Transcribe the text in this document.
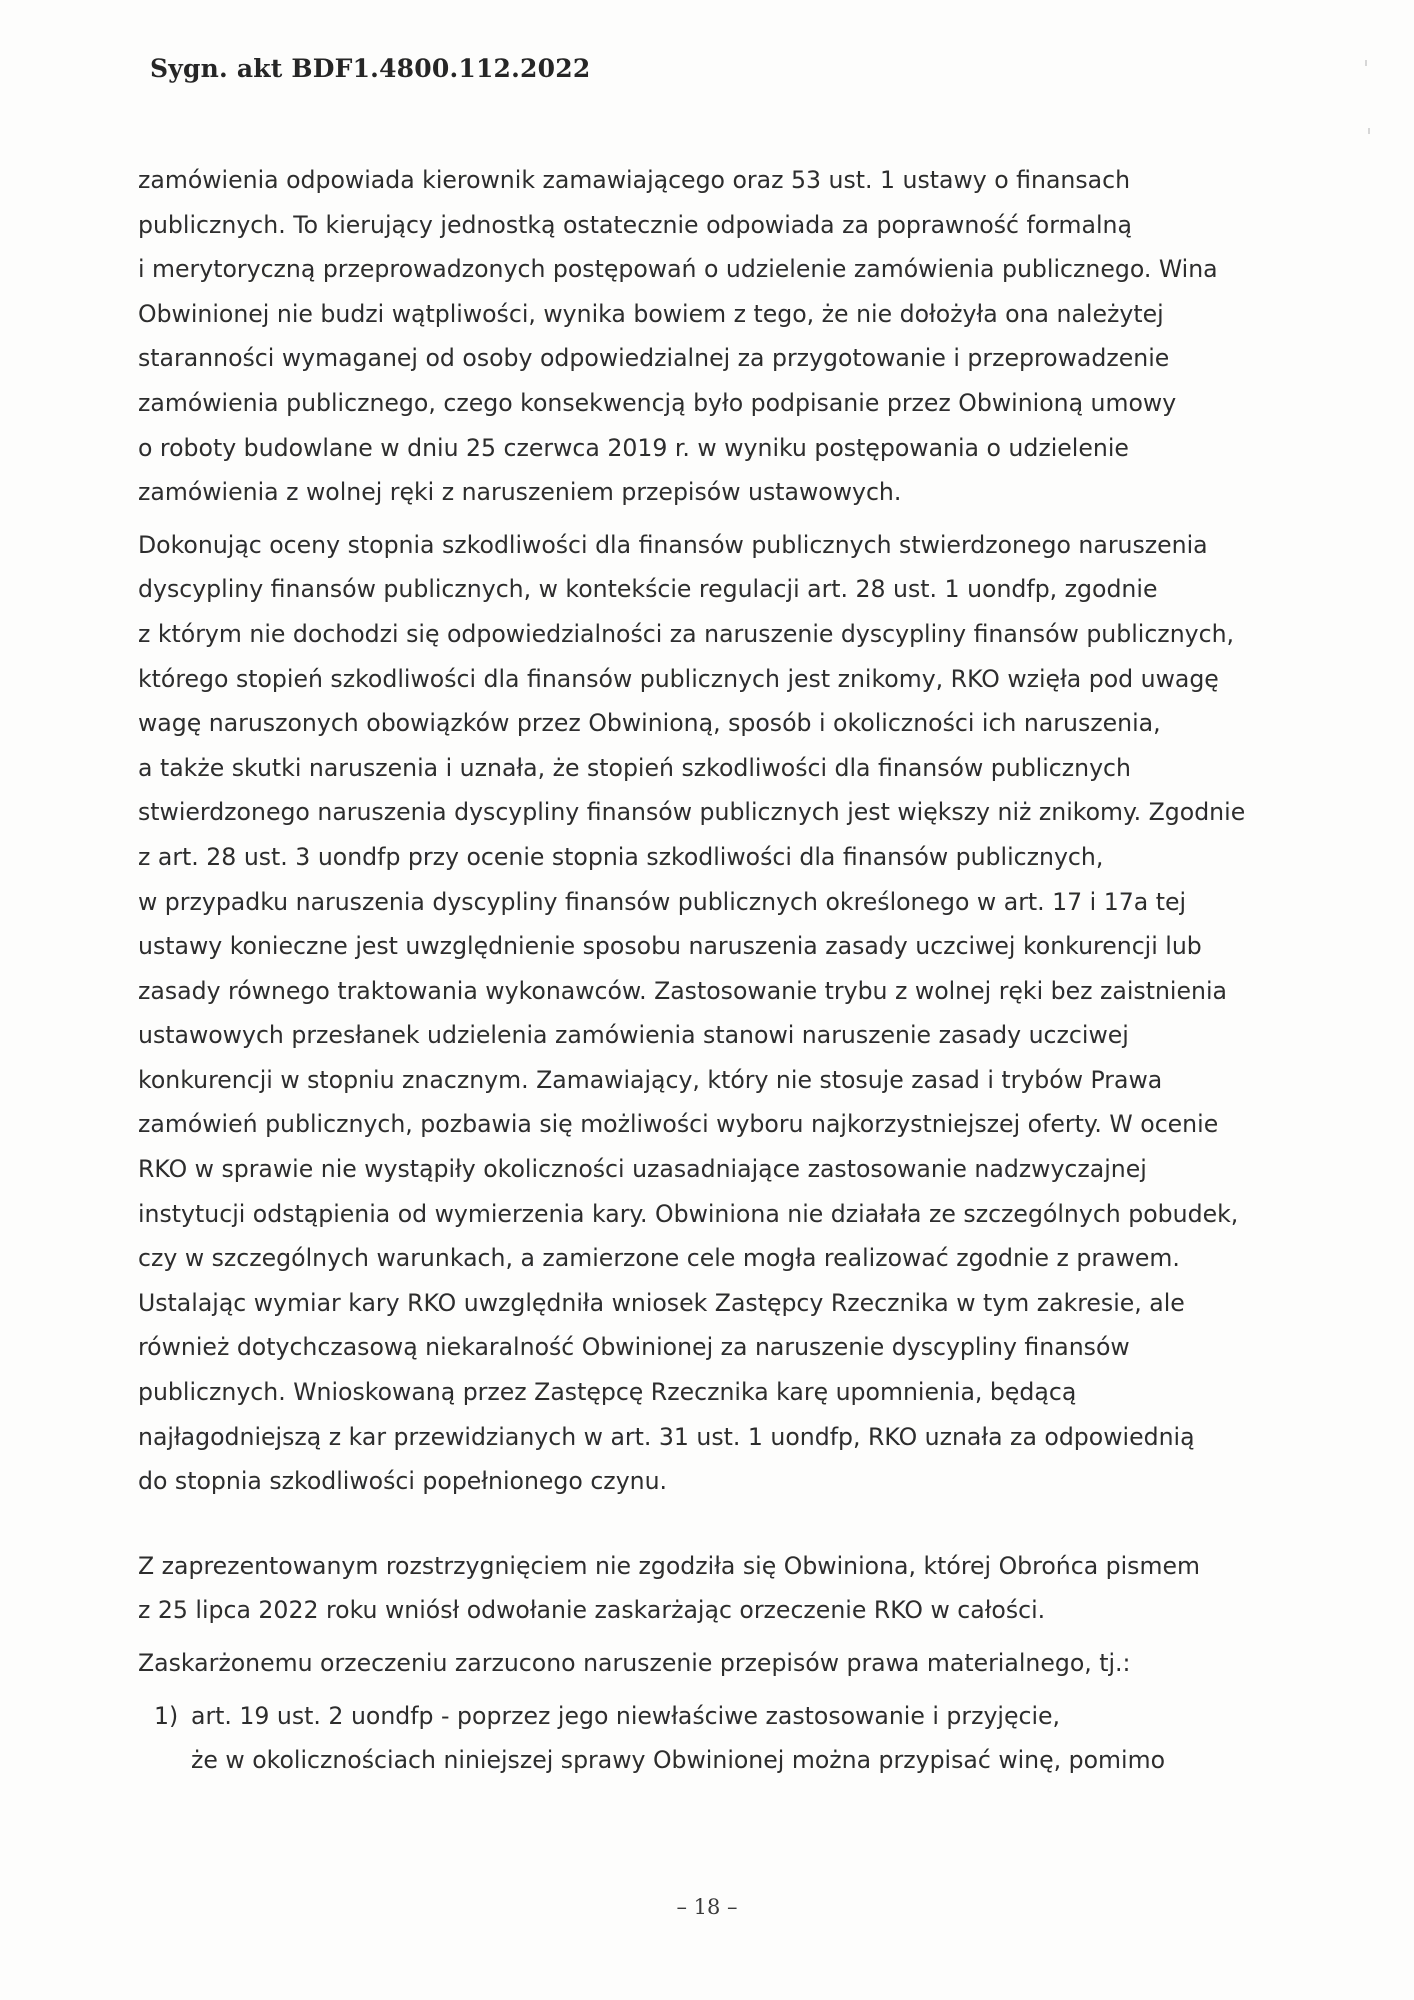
Sygn. akt BDF1.4800.112.2022

zamówienia odpowiada kierownik zamawiającego oraz 53 ust. 1 ustawy o finansach
publicznych. To kierujący jednostką ostatecznie odpowiada za poprawność formalną
i merytoryczną przeprowadzonych postępowań o udzielenie zamówienia publicznego. Wina
Obwinionej nie budzi wątpliwości, wynika bowiem z tego, że nie dołożyła ona należytej
staranności wymaganej od osoby odpowiedzialnej za przygotowanie i przeprowadzenie
zamówienia publicznego, czego konsekwencją było podpisanie przez Obwinioną umowy
o roboty budowlane w dniu 25 czerwca 2019 r. w wyniku postępowania o udzielenie
zamówienia z wolnej ręki z naruszeniem przepisów ustawowych.

Dokonując oceny stopnia szkodliwości dla finansów publicznych stwierdzonego naruszenia
dyscypliny finansów publicznych, w kontekście regulacji art. 28 ust. 1 uondfp, zgodnie
z którym nie dochodzi się odpowiedzialności za naruszenie dyscypliny finansów publicznych,
którego stopień szkodliwości dla finansów publicznych jest znikomy, RKO wzięła pod uwagę
wagę naruszonych obowiązków przez Obwinioną, sposób i okoliczności ich naruszenia,
a także skutki naruszenia i uznała, że stopień szkodliwości dla finansów publicznych
stwierdzonego naruszenia dyscypliny finansów publicznych jest większy niż znikomy. Zgodnie
z art. 28 ust. 3 uondfp przy ocenie stopnia szkodliwości dla finansów publicznych,
w przypadku naruszenia dyscypliny finansów publicznych określonego w art. 17 i 17a tej
ustawy konieczne jest uwzględnienie sposobu naruszenia zasady uczciwej konkurencji lub
zasady równego traktowania wykonawców. Zastosowanie trybu z wolnej ręki bez zaistnienia
ustawowych przesłanek udzielenia zamówienia stanowi naruszenie zasady uczciwej
konkurencji w stopniu znacznym. Zamawiający, który nie stosuje zasad i trybów Prawa
zamówień publicznych, pozbawia się możliwości wyboru najkorzystniejszej oferty. W ocenie
RKO w sprawie nie wystąpiły okoliczności uzasadniające zastosowanie nadzwyczajnej
instytucji odstąpienia od wymierzenia kary. Obwiniona nie działała ze szczególnych pobudek,
czy w szczególnych warunkach, a zamierzone cele mogła realizować zgodnie z prawem.
Ustalając wymiar kary RKO uwzględniła wniosek Zastępcy Rzecznika w tym zakresie, ale
również dotychczasową niekaralność Obwinionej za naruszenie dyscypliny finansów
publicznych. Wnioskowaną przez Zastępcę Rzecznika karę upomnienia, będącą
najłagodniejszą z kar przewidzianych w art. 31 ust. 1 uondfp, RKO uznała za odpowiednią
do stopnia szkodliwości popełnionego czynu.

Z zaprezentowanym rozstrzygnięciem nie zgodziła się Obwiniona, której Obrońca pismem
z 25 lipca 2022 roku wniósł odwołanie zaskarżając orzeczenie RKO w całości.

Zaskarżonemu orzeczeniu zarzucono naruszenie przepisów prawa materialnego, tj.:

1) art. 19 ust. 2 uondfp - poprzez jego niewłaściwe zastosowanie i przyjęcie,
że w okolicznościach niniejszej sprawy Obwinionej można przypisać winę, pomimo
– 18 –
